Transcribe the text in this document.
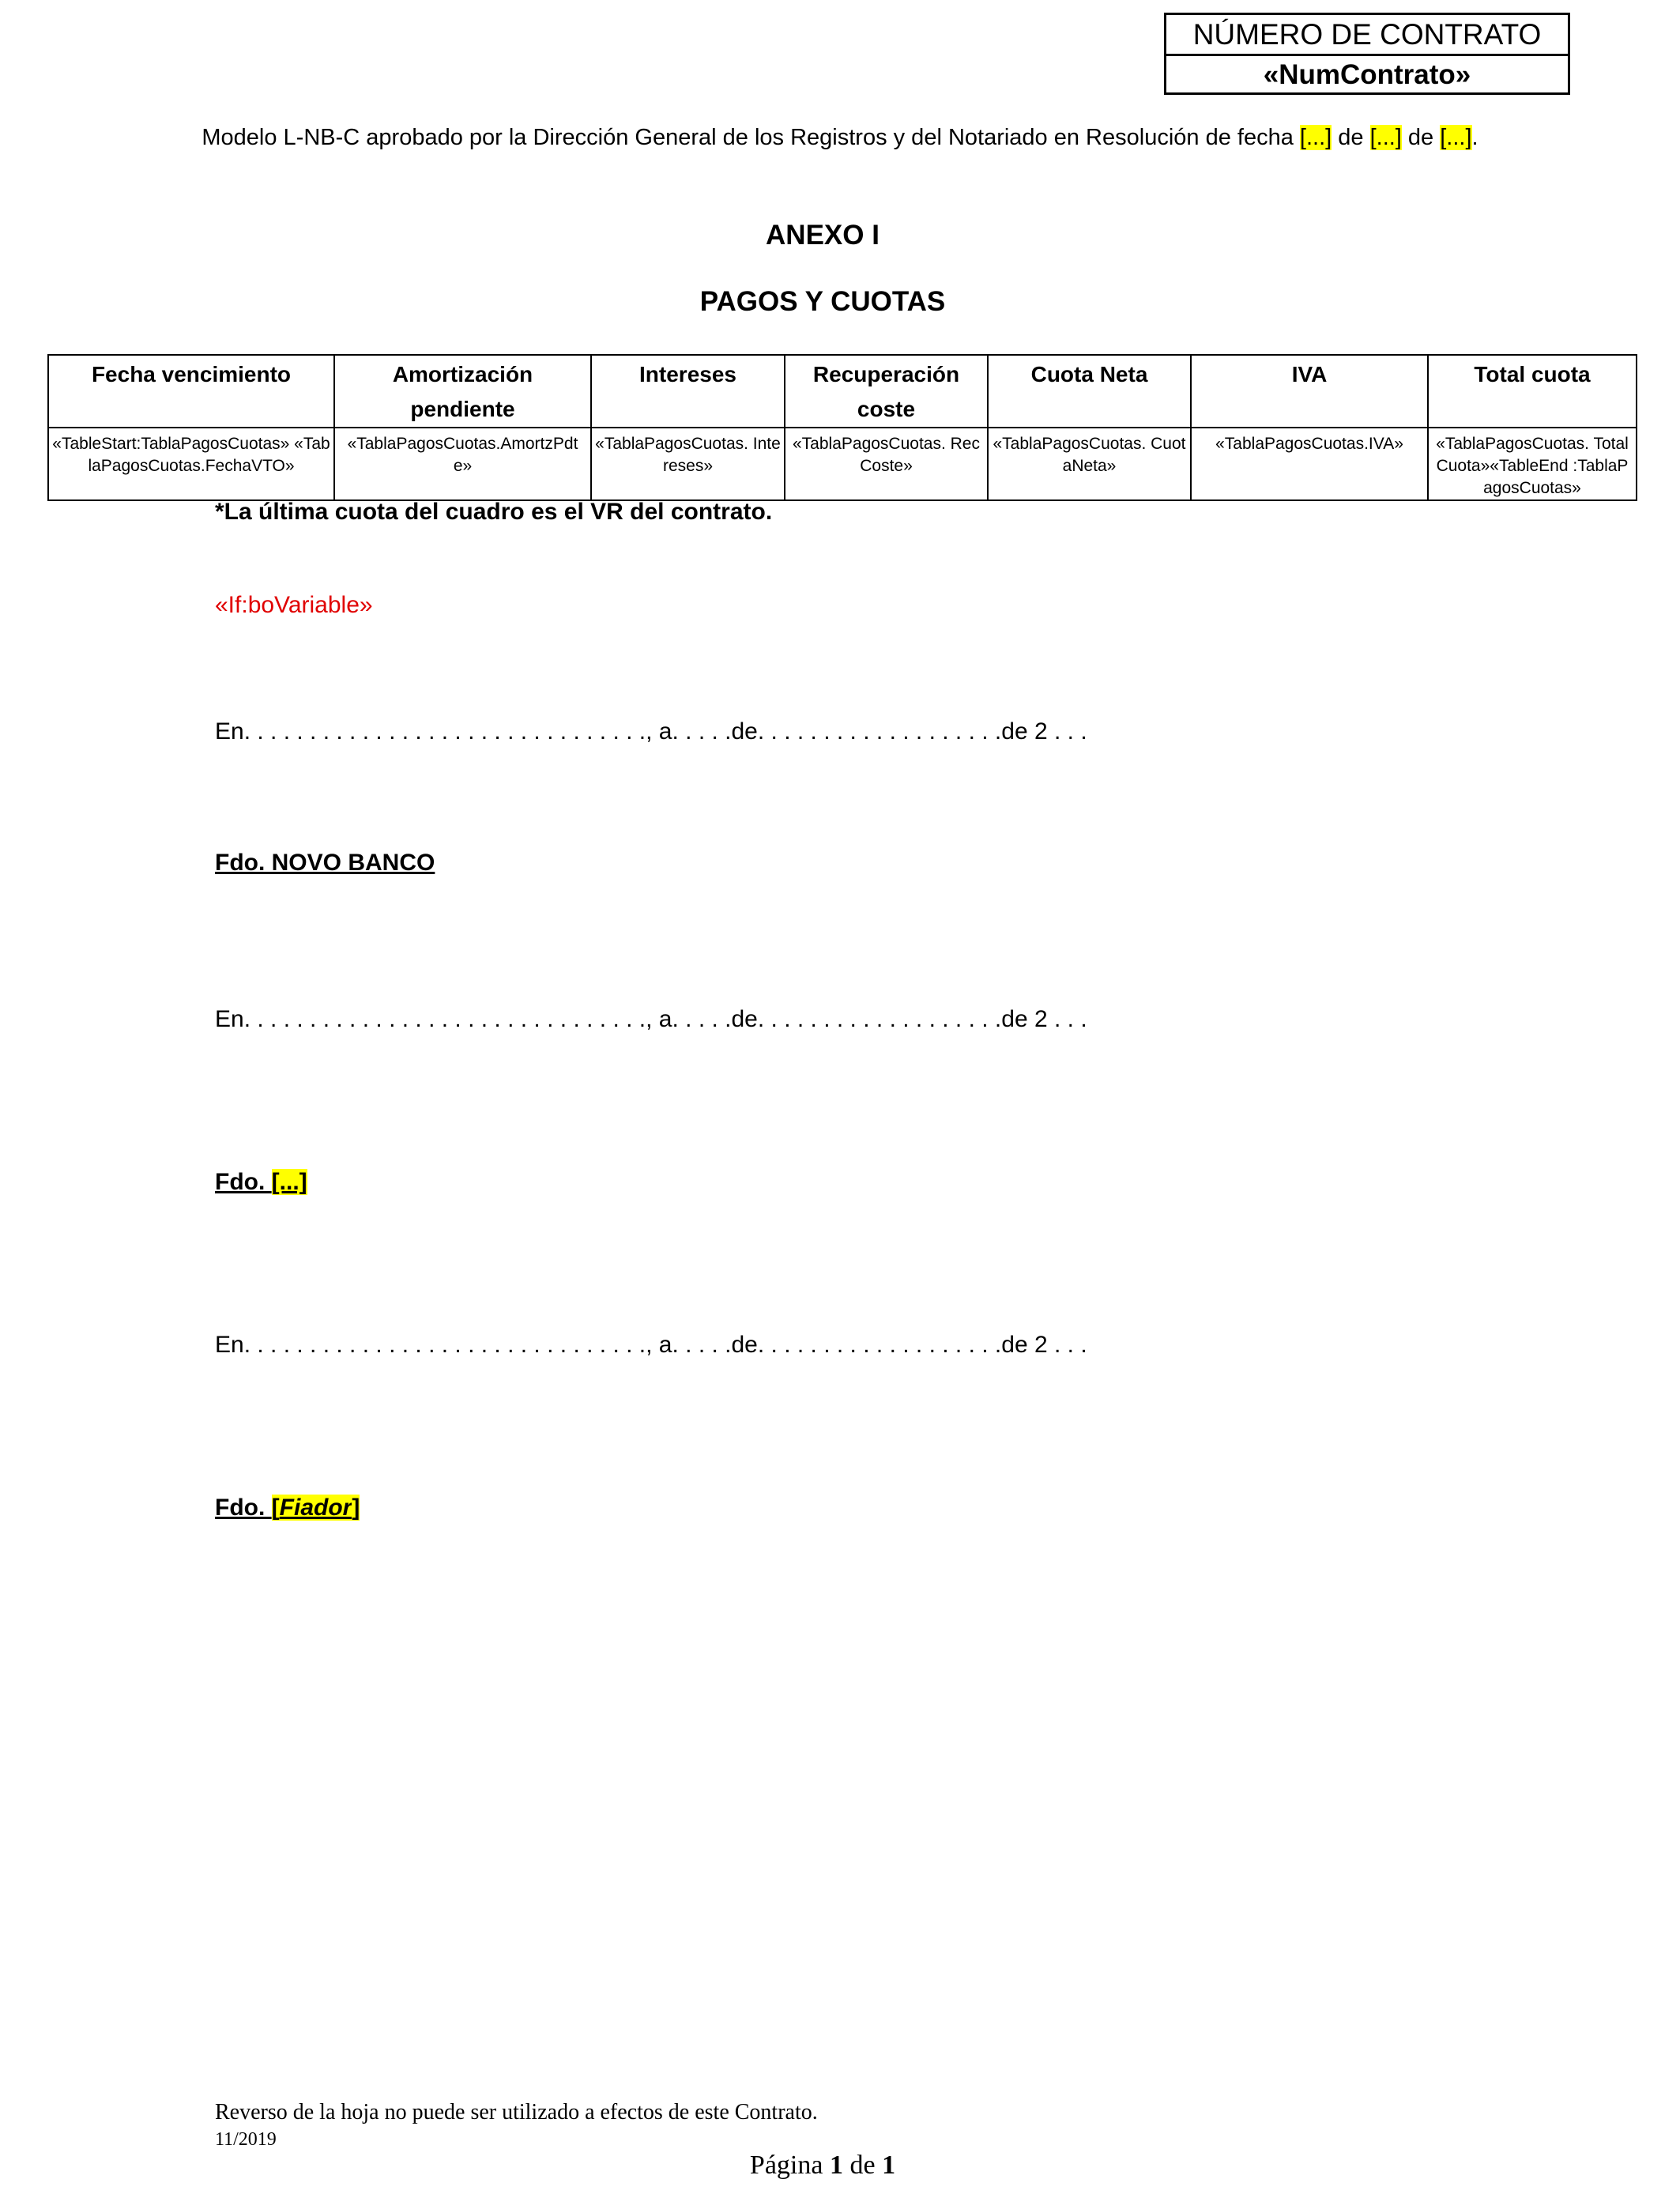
NÚMERO DE CONTRATO
«NumContrato»
Modelo L-NB-C aprobado por la Dirección General de los Registros y del Notariado en Resolución de fecha [...] de [...] de [...].
ANEXO I
PAGOS Y CUOTAS
Fecha vencimiento	Amortización pendiente	Intereses	Recuperación coste	Cuota Neta	IVA	Total cuota
«TableStart:TablaPagosCuotas» «TablaPagosCuotas.FechaVTO»	«TablaPagosCuotas.AmortzPdte»	«TablaPagosCuotas. Intereses»	«TablaPagosCuotas. RecCoste»	«TablaPagosCuotas. CuotaNeta»	«TablaPagosCuotas.IVA»	«TablaPagosCuotas. TotalCuota»«TableEnd :TablaPagosCuotas»
*La última cuota del cuadro es el VR del contrato.
«If:boVariable»
En. . . . . . . . . . . . . . . . . . . . . . . . . . . . . . ., a. . . . .de. . . . . . . . . . . . . . . . . . .de 2 . . .
Fdo. NOVO BANCO
En. . . . . . . . . . . . . . . . . . . . . . . . . . . . . . ., a. . . . .de. . . . . . . . . . . . . . . . . . .de 2 . . .
Fdo. [...]
En. . . . . . . . . . . . . . . . . . . . . . . . . . . . . . ., a. . . . .de. . . . . . . . . . . . . . . . . . .de 2 . . .
Fdo. [Fiador]
Reverso de la hoja no puede ser utilizado a efectos de este Contrato.
11/2019
Página 1 de 1
